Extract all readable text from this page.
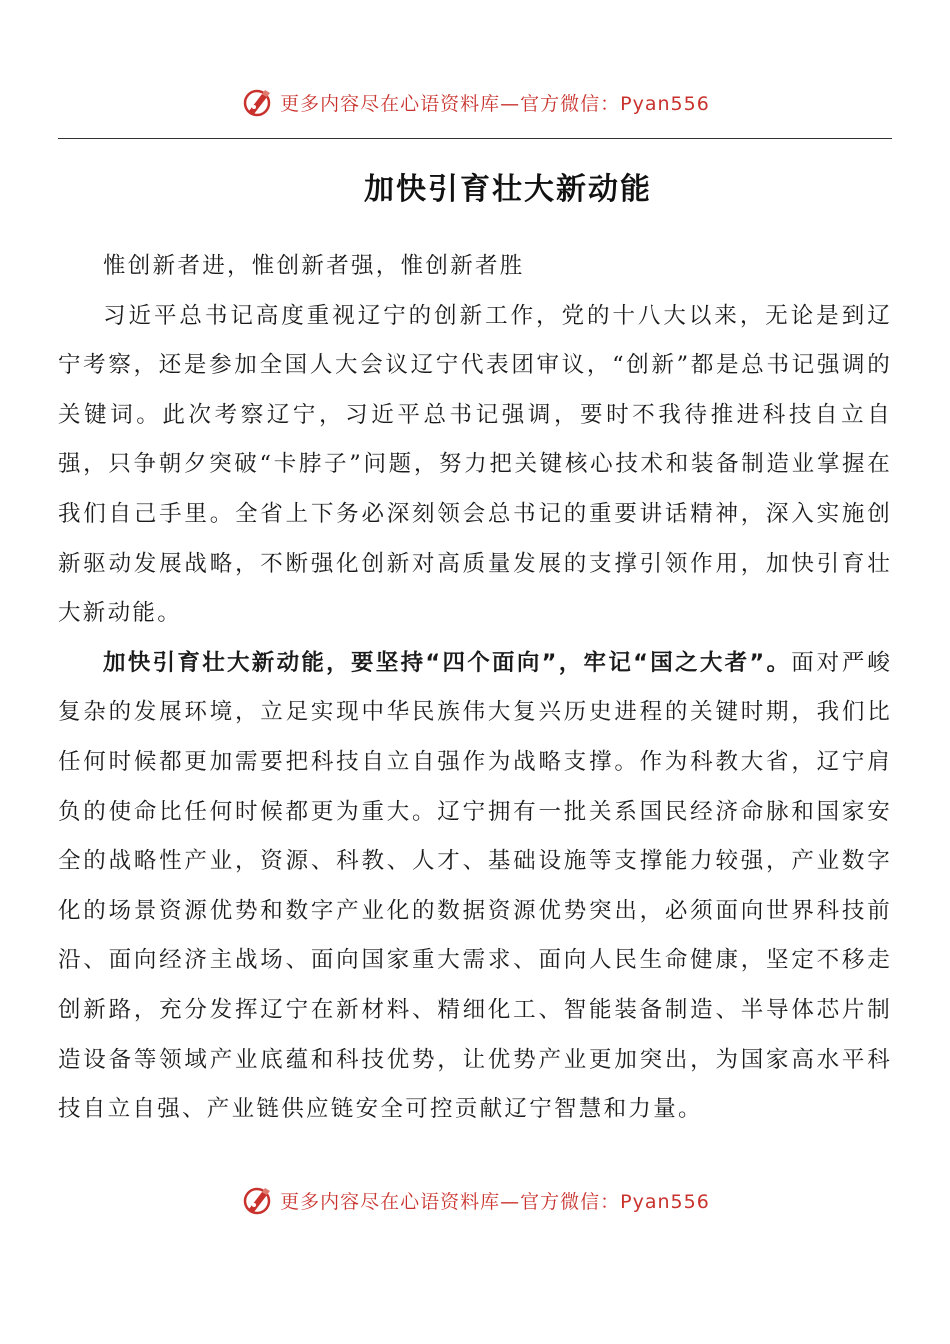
更多内容尽在心语资料库—官方微信：Pyan556
加快引育壮大新动能

惟创新者进，惟创新者强，惟创新者胜

习近平总书记高度重视辽宁的创新工作，党的十八大以来，无论是到辽宁考察，还是参加全国人大会议辽宁代表团审议，“创新”都是总书记强调的关键词。此次考察辽宁，习近平总书记强调，要时不我待推进科技自立自强，只争朝夕突破“卡脖子”问题，努力把关键核心技术和装备制造业掌握在我们自己手里。全省上下务必深刻领会总书记的重要讲话精神，深入实施创新驱动发展战略，不断强化创新对高质量发展的支撑引领作用，加快引育壮大新动能。

加快引育壮大新动能，要坚持“四个面向”，牢记“国之大者”。面对严峻复杂的发展环境，立足实现中华民族伟大复兴历史进程的关键时期，我们比任何时候都更加需要把科技自立自强作为战略支撑。作为科教大省，辽宁肩负的使命比任何时候都更为重大。辽宁拥有一批关系国民经济命脉和国家安全的战略性产业，资源、科教、人才、基础设施等支撑能力较强，产业数字化的场景资源优势和数字产业化的数据资源优势突出，必须面向世界科技前沿、面向经济主战场、面向国家重大需求、面向人民生命健康，坚定不移走创新路，充分发挥辽宁在新材料、精细化工、智能装备制造、半导体芯片制造设备等领域产业底蕴和科技优势，让优势产业更加突出，为国家高水平科技自立自强、产业链供应链安全可控贡献辽宁智慧和力量。

更多内容尽在心语资料库—官方微信：Pyan556
